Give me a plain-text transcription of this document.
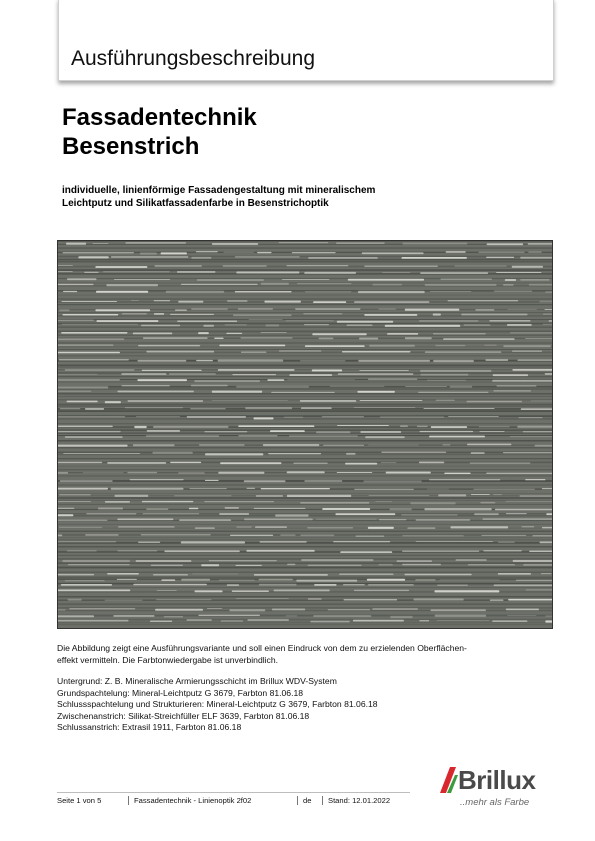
Ausführungsbeschreibung
Fassadentechnik
Besenstrich
individuelle, linienförmige Fassadengestaltung mit mineralischem
Leichtputz und Silikatfassadenfarbe in Besenstrichoptik
Die Abbildung zeigt eine Ausführungsvariante und soll einen Eindruck von dem zu erzielenden Oberflächen-
effekt vermitteln. Die Farbtonwiedergabe ist unverbindlich.
Untergrund: Z. B. Mineralische Armierungsschicht im Brillux WDV-System
Grundspachtelung: Mineral-Leichtputz G 3679, Farbton 81.06.18
Schlussspachtelung und Strukturieren: Mineral-Leichtputz G 3679, Farbton 81.06.18
Zwischenanstrich: Silikat-Streichfüller ELF 3639, Farbton 81.06.18
Schlussanstrich: Extrasil 1911, Farbton 81.06.18
Seite 1 von 5	Fassadentechnik - Linienoptik 2f02	de	Stand: 12.01.2022
Brillux
..mehr als Farbe
